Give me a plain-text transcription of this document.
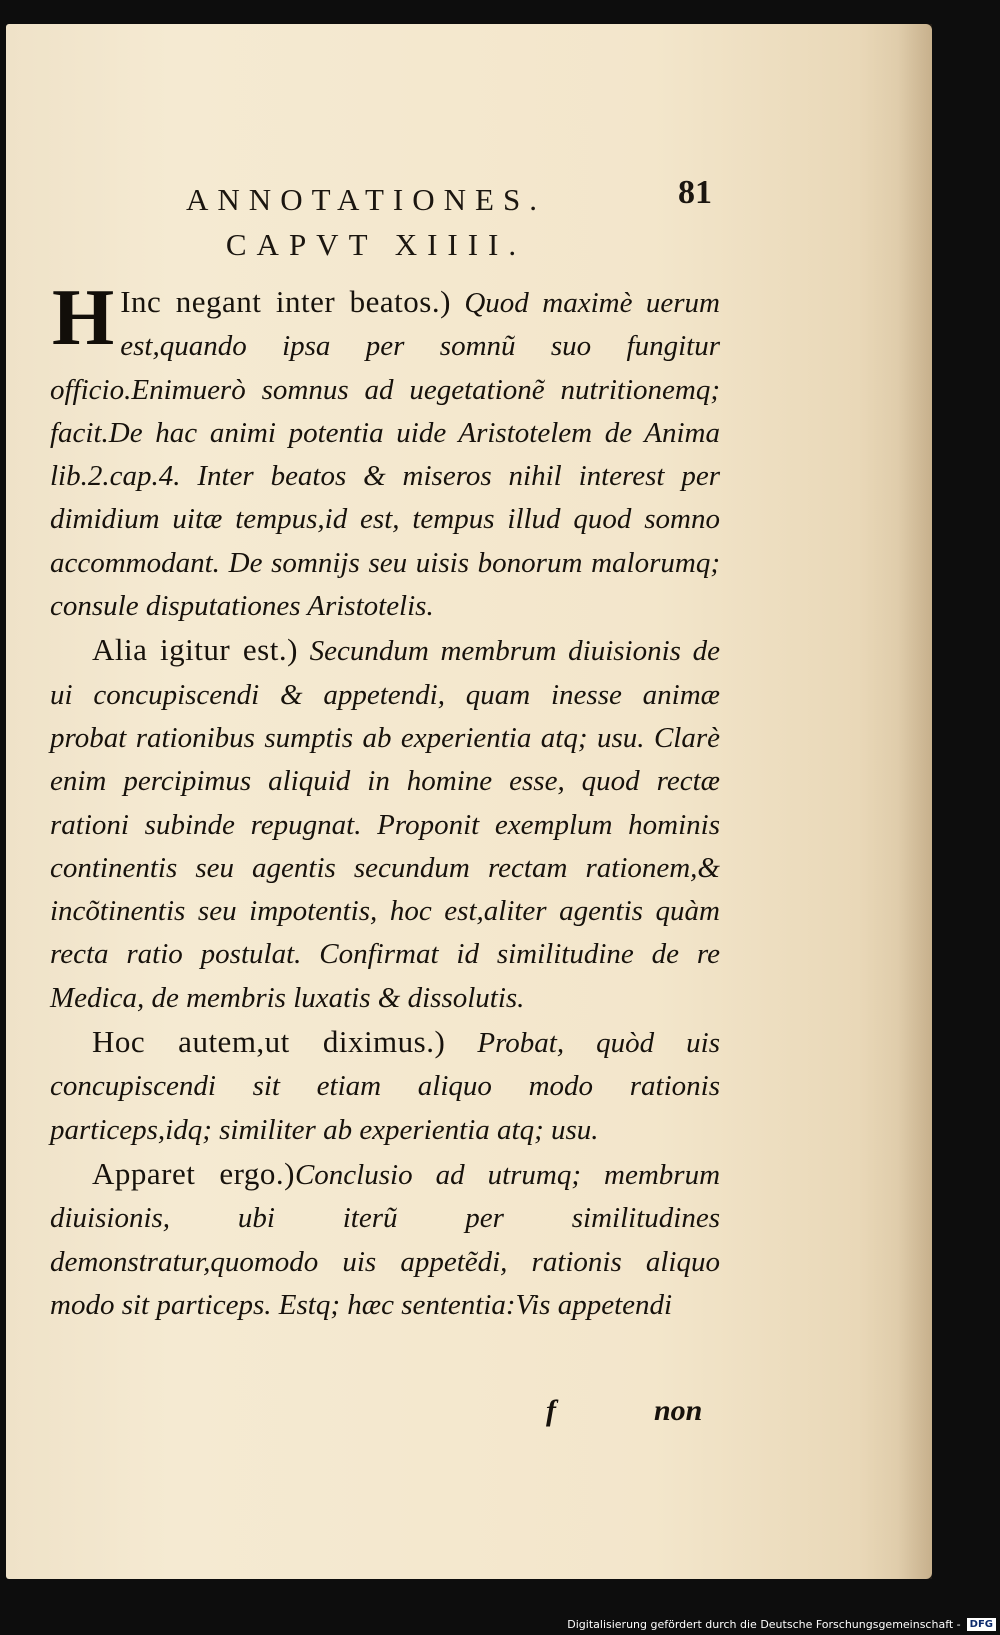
ANNOTATIONES.	81
CAPVT XIIII.

H Inc negant inter beatos.) Quod maximè uerum est,quando ipsa per somnũ suo fungitur officio.Enimuerò somnus ad uegetationẽ nutritionemq; facit.De hac animi potentia uide Aristotelem de Anima lib.2.cap.4. Inter beatos & miseros nihil interest per dimidium uitæ tempus,id est, tempus illud quod somno accommodant. De somnijs seu uisis bonorum malorumq; consule disputationes Aristotelis.

Alia igitur est.) Secundum membrum diuisionis de ui concupiscendi & appetendi, quam inesse animæ probat rationibus sumptis ab experientia atq; usu. Clarè enim percipimus aliquid in homine esse, quod rectæ rationi subinde repugnat. Proponit exemplum hominis continentis seu agentis secundum rectam rationem,& incõtinentis seu impotentis, hoc est,aliter agentis quàm recta ratio postulat. Confirmat id similitudine de re Medica, de membris luxatis & dissolutis.

Hoc autem,ut diximus.) Probat, quòd uis concupiscendi sit etiam aliquo modo rationis particeps,idq; similiter ab experientia atq; usu.

Apparet ergo.)Conclusio ad utrumq; membrum diuisionis, ubi iterũ per similitudines demonstratur,quomodo uis appetẽdi, rationis aliquo modo sit particeps. Estq; hæc sententia:Vis appetendi

f	non
Digitalisierung gefördert durch die Deutsche Forschungsgemeinschaft - DFG
